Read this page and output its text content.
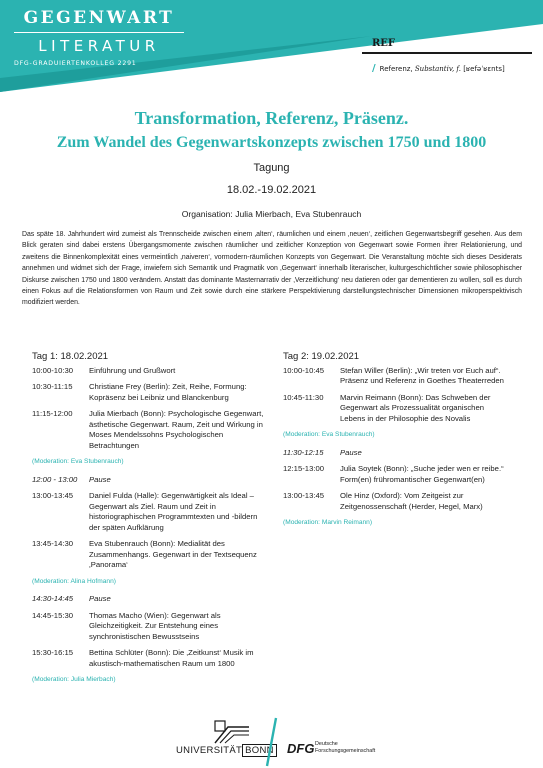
GEGENWART
LITERATUR
DFG-GRADUIERTENKOLLEG 2291
REF
/ Referenz, Substantiv, f. [ʁefəˈʁɛnts]
Transformation, Referenz, Präsenz.
Zum Wandel des Gegenwartskonzepts zwischen 1750 und 1800
Tagung
18.02.-19.02.2021
Organisation: Julia Mierbach, Eva Stubenrauch
Das späte 18. Jahrhundert wird zumeist als Trennscheide zwischen einem ‚alten‘, räumlichen und einem ‚neuen‘, zeitlichen Gegenwartsbegriff gesehen. Aus dem Blick geraten sind dabei erstens Übergangsmomente zwischen räumlicher und zeitlicher Konzeption von Gegenwart sowie Formen ihrer Relationierung, und zweitens die Binnenkomplexität eines vermeintlich ‚naiveren‘, vormodern-räumlichen Konzepts von Gegenwart. Die Veranstaltung möchte sich dieses Desiderats annehmen und widmet sich der Frage, inwiefern sich Semantik und Pragmatik von ‚Gegenwart‘ innerhalb literarischer, kulturgeschichtlicher sowie philosophischer Diskurse zwischen 1750 und 1800 verändern. Anstatt das dominante Masternarrativ der ‚Verzeitlichung‘ neu datieren oder gar dementieren zu wollen, soll es durch einen Fokus auf die Relationsformen von Raum und Zeit sowie durch eine stärkere Perspektivierung darstellungstechnischer Dimensionen mikroperspektivisch modifiziert werden.
Tag 1: 18.02.2021
10:00-10:30	Einführung und Grußwort
10:30-11:15	Christiane Frey (Berlin): Zeit, Reihe, Formung: Kopräsenz bei Leibniz und Blanckenburg
11:15-12:00	Julia Mierbach (Bonn): Psychologische Gegenwart, ästhetische Gegenwart. Raum, Zeit und Wirkung in Moses Mendelssohns Psychologischen Betrachtungen
(Moderation: Eva Stubenrauch)
12:00 - 13:00	Pause
13:00-13:45	Daniel Fulda (Halle): Gegenwärtigkeit als Ideal – Gegenwart als Ziel. Raum und Zeit in historiographischen Programmtexten und -bildern der späten Aufklärung
13:45-14:30	Eva Stubenrauch (Bonn): Medialität des Zusammenhangs. Gegenwart in der Textsequenz ‚Panorama‘
(Moderation: Alina Hofmann)
14:30-14:45	Pause
14:45-15:30	Thomas Macho (Wien): Gegenwart als Gleichzeitigkeit. Zur Entstehung eines synchronistischen Bewusstseins
15:30-16:15	Bettina Schlüter (Bonn): Die ‚Zeitkunst‘ Musik im akustisch-mathematischen Raum um 1800
(Moderation: Julia Mierbach)
Tag 2: 19.02.2021
10:00-10:45	Stefan Willer (Berlin): „Wir treten vor Euch auf“. Präsenz und Referenz in Goethes Theaterreden
10:45-11:30	Marvin Reimann (Bonn): Das Schweben der Gegenwart als Prozessualität organischen Lebens in der Philosophie des Novalis
(Moderation: Eva Stubenrauch)
11:30-12:15	Pause
12:15-13:00	Julia Soytek (Bonn): „Suche jeder wen er reibe.“ Form(en) frühromantischer Gegenwart(en)
13:00-13:45	Ole Hinz (Oxford): Vom Zeitgeist zur Zeitgenossenschaft (Herder, Hegel, Marx)
(Moderation: Marvin Reimann)
UNIVERSITÄT BONN DFG Deutsche
Forschungsgemeinschaft
